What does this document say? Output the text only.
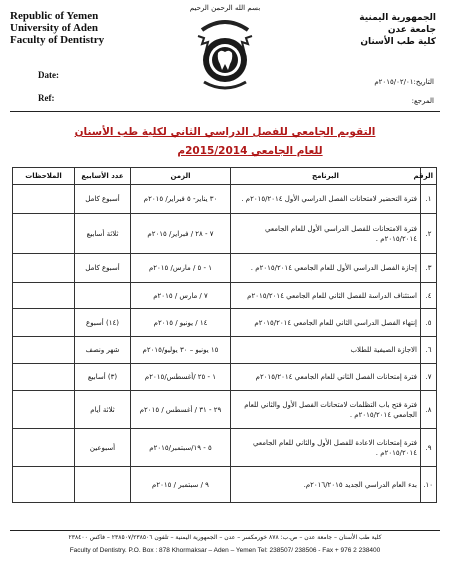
بسم الله الرحمن الرحيم
Republic of Yemen
University of Aden
Faculty of Dentistry
Date:
Ref:
الجمهورية اليمنية
جامعة عدن
كلية طب الأسنان
التاريخ:٢٠١٥/٠٢/٠١م
المرجع:
التقويم الجامعي للفصل الدراسي الثاني لكلية طب الأسنان
للعام الجامعي 2015/2014م
الرقم	البرنامج	الزمن	عدد الأسابيع	الملاحظات
١.	فترة التحضير لامتحانات الفصل الدراسي الأول ٢٠١٥/٢٠١٤م .	٣٠ يناير- ٥ فبراير/ ٢٠١٥م	أسبوع كامل	
٢.	فترة الامتحانات للفصل الدراسي الأول للعام الجامعي ٢٠١٥/٢٠١٤م .	٧ - ٢٨ / فبراير/ ٢٠١٥م	ثلاثة أسابيع	
٣.	إجازة الفصل الدراسي الأول للعام الجامعي ٢٠١٥/٢٠١٤م .	١ - ٥ / مارس/ ٢٠١٥م	أسبوع كامل	
٤.	استئناف الدراسة للفصل الثاني للعام الجامعي ٢٠١٥/٢٠١٤م	٧ / مارس / ٢٠١٥م		
٥.	إنتهاء الفصل الدراسي الثاني للعام الجامعي ٢٠١٥/٢٠١٤م	١٤ / يونيو / ٢٠١٥م	(١٤) أسبوع	
٦.	الاجازة الصيفية للطلاب	١٥ يونيو – ٣٠ يوليو/٢٠١٥م	شهر ونصف	
٧.	فترة إمتحانات الفصل الثاني للعام الجامعي ٢٠١٥/٢٠١٤م	١ - ٢٥ /أغسطس/٢٠١٥م	(٣) أسابيع	
٨.	فترة فتح باب التظلمات لامتحانات الفصل الأول والثاني للعام الجامعي ٢٠١٥/٢٠١٤م .	٢٩ - ٣١ / أغسطس / ٢٠١٥م	ثلاثة أيام	
٩.	فترة إمتحانات الاعادة للفصل الأول والثاني للعام الجامعي ٢٠١٥/٢٠١٤م .	٥ - ١٩/سبتمبر/٢٠١٥م	أسبوعين	
١٠.	بدء العام الدراسي الجديد ٢٠١٦/٢٠١٥م.	٩ / سبتمبر / ٢٠١٥م		
كلية طب الأسنان – جامعة عدن – ص.ب: ٨٧٨ خورمكسر – عدن – الجمهورية اليمنية – تلفون ٢٣٨٥٠٧/٢٣٨٥٠٦ – فاكس ٢٣٨٤٠٠
Faculty of Dentistry. P.O. Box : 878 Khormaksar – Aden – Yemen Tel: 238507/ 238506 - Fax + 976 2 238400
